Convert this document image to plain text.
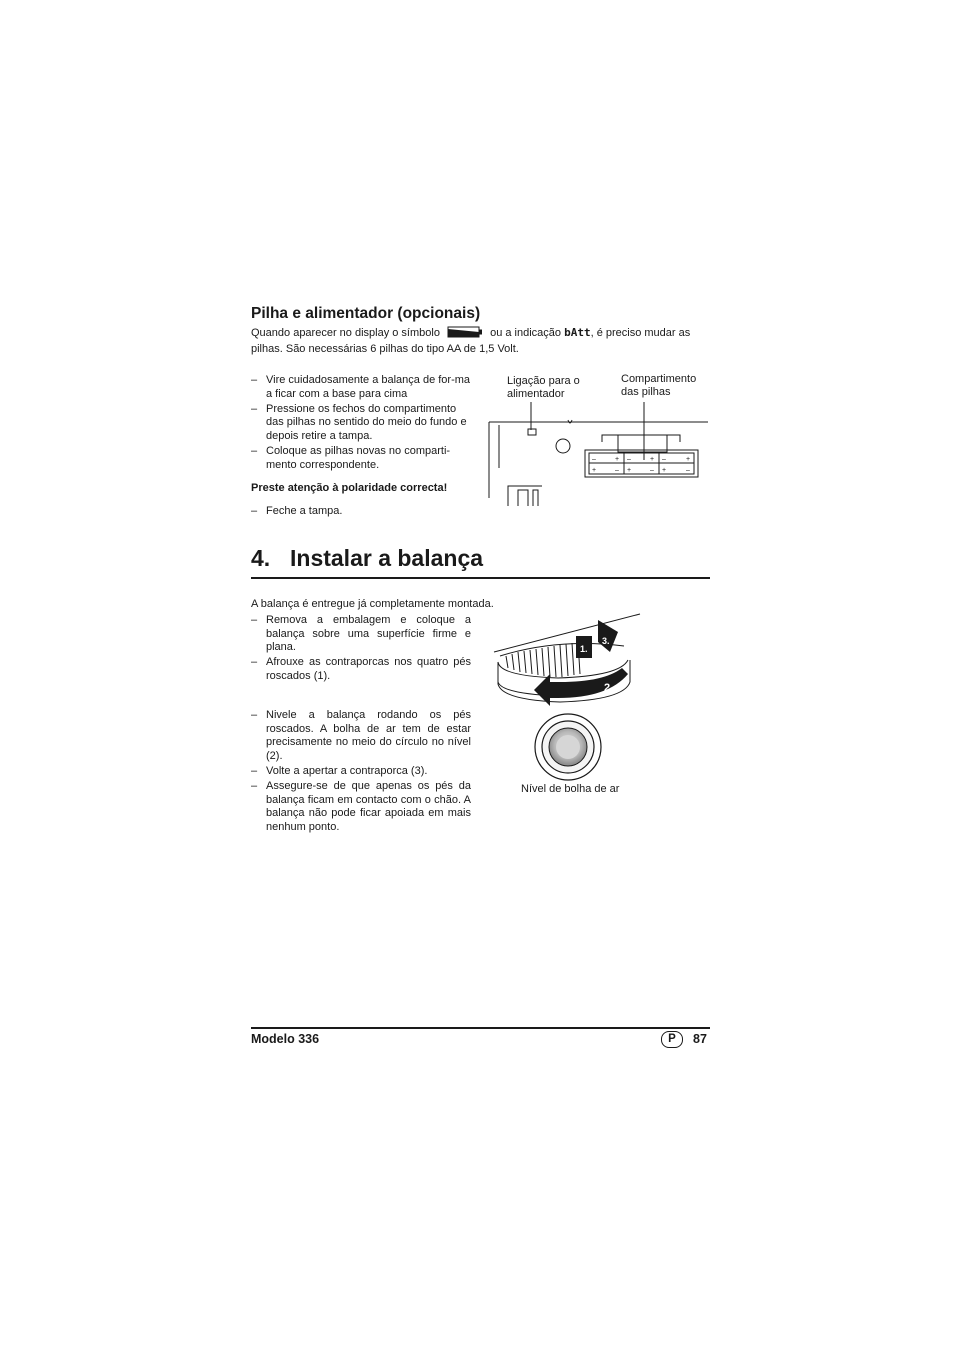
Pilha e alimentador (opcionais)
Quando aparecer no display o símbolo	ou a indicação bAtt, é preciso mudar as
pilhas. São necessárias 6 pilhas do tipo AA de 1,5 Volt.
– Vire cuidadosamente a balança de for-ma a ficar com a base para cima
– Pressione os fechos do compartimento das pilhas no sentido do meio do fundo e depois retire a tampa.
– Coloque as pilhas novas no comparti-mento correspondente.
Preste atenção à polaridade correcta!
– Feche a tampa.
Ligação para o alimentador
Compartimento das pilhas
–	+ –	+ –	+
+	– +	– +	–
4. Instalar a balança
A balança é entregue já completamente montada.
– Remova a embalagem e coloque a balança sobre uma superfície firme e plana.
– Afrouxe as contraporcas nos quatro pés roscados (1).
– Nivele a balança rodando os pés roscados. A bolha de ar tem de estar precisamente no meio do círculo no nível (2).
– Volte a apertar a contraporca (3).
– Assegure-se de que apenas os pés da balança ficam em contacto com o chão. A balança não pode ficar apoiada em mais nenhum ponto.
1.
3.
2.
Nível de bolha de ar
Modelo 336	P	87
